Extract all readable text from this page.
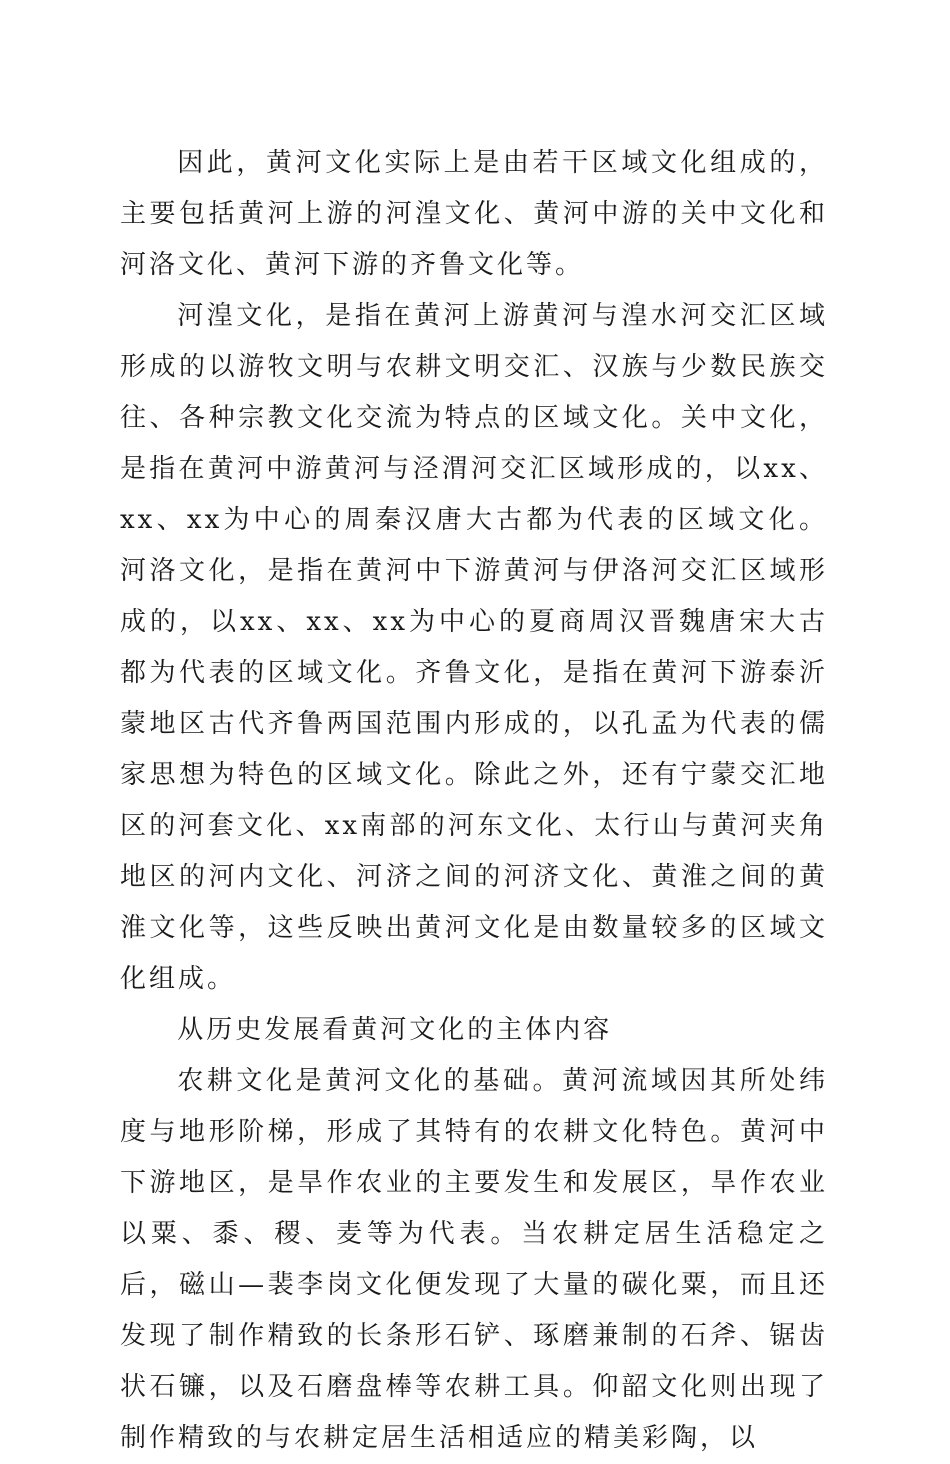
因此，黄河文化实际上是由若干区域文化组成的，主要包括黄河上游的河湟文化、黄河中游的关中文化和河洛文化、黄河下游的齐鲁文化等。

河湟文化，是指在黄河上游黄河与湟水河交汇区域形成的以游牧文明与农耕文明交汇、汉族与少数民族交往、各种宗教文化交流为特点的区域文化。关中文化，是指在黄河中游黄河与泾渭河交汇区域形成的，以xx、xx、xx为中心的周秦汉唐大古都为代表的区域文化。河洛文化，是指在黄河中下游黄河与伊洛河交汇区域形成的，以xx、xx、xx为中心的夏商周汉晋魏唐宋大古都为代表的区域文化。齐鲁文化，是指在黄河下游泰沂蒙地区古代齐鲁两国范围内形成的，以孔孟为代表的儒家思想为特色的区域文化。除此之外，还有宁蒙交汇地区的河套文化、xx南部的河东文化、太行山与黄河夹角地区的河内文化、河济之间的河济文化、黄淮之间的黄淮文化等，这些反映出黄河文化是由数量较多的区域文化组成。

从历史发展看黄河文化的主体内容

农耕文化是黄河文化的基础。黄河流域因其所处纬度与地形阶梯，形成了其特有的农耕文化特色。黄河中下游地区，是旱作农业的主要发生和发展区，旱作农业以粟、黍、稷、麦等为代表。当农耕定居生活稳定之后，磁山—裴李岗文化便发现了大量的碳化粟，而且还发现了制作精致的长条形石铲、琢磨兼制的石斧、锯齿状石镰，以及石磨盘棒等农耕工具。仰韶文化则出现了制作精致的与农耕定居生活相适应的精美彩陶，以
